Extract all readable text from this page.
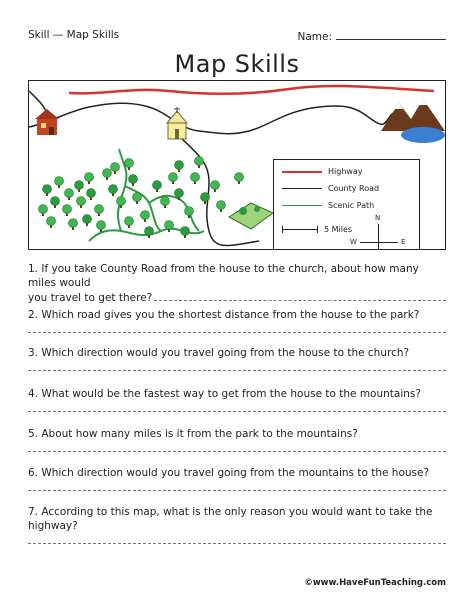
Skill — Map Skills	Name:
Map Skills
Highway
County Road
Scenic Path
5 Miles
N
W	E
1. If you take County Road from the house to the church, about how many miles would
you travel to get there?
2. Which road gives you the shortest distance from the house to the park?
3. Which direction would you travel going from the house to the church?
4. What would be the fastest way to get from the house to the mountains?
5. About how many miles is it from the park to the mountains?
6. Which direction would you travel going from the mountains to the house?
7. According to this map, what is the only reason you would want to take the highway?
©www.HaveFunTeaching.com
